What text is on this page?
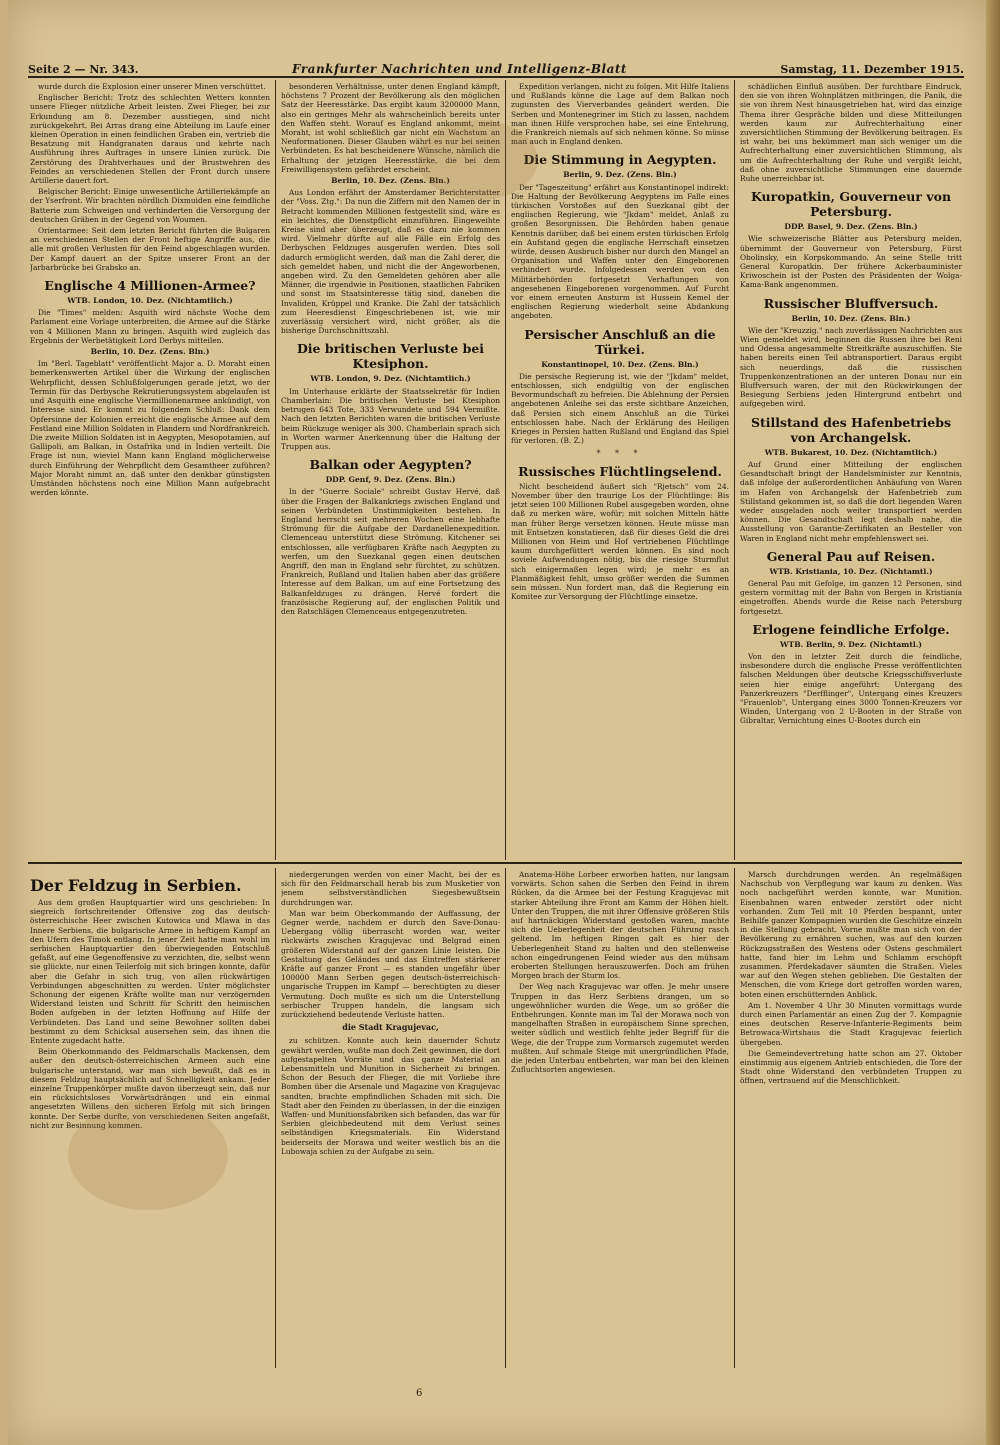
Seite 2 — Nr. 343.	Frankfurter Nachrichten und Intelligenz-Blatt	Samstag, 11. Dezember 1915.

wurde durch die Explosion einer unserer Minen verschüttet.

Englischer Bericht: Trotz des schlechten Wetters konnten unsere Flieger nützliche Arbeit leisten. Zwei Flieger, bei zur Erkundung am 8. Dezember ausstiegen, sind nicht zurückgekehrt. Bei Arras drang eine Abteilung im Laufe einer kleinen Operation in einen feindlichen Graben ein, vertrieb die Besatzung mit Handgranaten daraus und kehrte nach Ausführung ihres Auftrages in unsere Linien zurück. Die Zerstörung des Drahtverhaues und der Brustwehren des Feindes an verschiedenen Stellen der Front durch unsere Artillerie dauert fort.

Belgischer Bericht: Einige unwesentliche Artilleriekämpfe an der Yserfront. Wir brachten nördlich Dixmuiden eine feindliche Batterie zum Schweigen und verhinderten die Versorgung der deutschen Gräben in der Gegend von Woumen.

Orientarmee: Seit dem letzten Bericht führten die Bulgaren an verschiedenen Stellen der Front heftige Angriffe aus, die alle mit großen Verlusten für den Feind abgeschlagen wurden. Der Kampf dauert an der Spitze unserer Front an der Jarbarbrücke bei Grabsko an.

Englische 4 Millionen-Armee?
WTB. London, 10. Dez. (Nichtamtlich.)

Die "Times" melden: Asquith wird nächste Woche dem Parlament eine Vorlage unterbreiten, die Armee auf die Stärke von 4 Millionen Mann zu bringen. Asquith wird zugleich das Ergebnis der Werbetätigkeit Lord Derbys mitteilen.

Berlin, 10. Dez. (Zens. Bln.)

Im "Berl. Tageblatt" veröffentlicht Major a. D. Moraht einen bemerkenswerten Artikel über die Wirkung der englischen Wehrpflicht, dessen Schlußfolgerungen gerade jetzt, wo der Termin für das Derbysche Rekrutierungssystem abgelaufen ist und Asquith eine englische Viermillionenarmee ankündigt, von Interesse sind. Er kommt zu folgendem Schluß: Dank dem Opfersinne der Kolonien erreicht die englische Armee auf dem Festland eine Million Soldaten in Flandern und Nordfrankreich. Die zweite Million Soldaten ist in Aegypten, Mesopotamien, auf Gallipoli, am Balkan, in Ostafrika und in Indien verteilt. Die Frage ist nun, wieviel Mann kann England möglicherweise durch Einführung der Wehrpflicht dem Gesamtheer zuführen? Major Moraht nimmt an, daß unter den denkbar günstigsten Umständen höchstens noch eine Million Mann aufgebracht werden könnte.

besonderen Verhältnisse, unter denen England kämpft, höchstens 7 Prozent der Bevölkerung als den möglichen Satz der Heeresstärke. Das ergibt kaum 3200000 Mann, also ein geringes Mehr als wahrscheinlich bereits unter den Waffen steht. Worauf es England ankommt, meint Moraht, ist wohl schließlich gar nicht ein Wachstum an Neuformationen. Dieser Glauben währt es nur bei seinen Verbündeten. Es hat bescheidenere Wünsche, nämlich die Erhaltung der jetzigen Heeresstärke, die bei dem Freiwilligensystem gefährdet erscheint.

Berlin, 10. Dez. (Zens. Bln.)

Aus London erfährt der Amsterdamer Berichterstatter der "Voss. Ztg.": Da nun die Ziffern mit den Namen der in Betracht kommenden Millionen festgestellt sind, wäre es ein leichtes, die Dienstpflicht einzuführen. Eingeweihte Kreise sind aber überzeugt, daß es dazu nie kommen wird. Vielmehr dürfte auf alle Fälle ein Erfolg des Derbyschen Feldzuges ausgerufen werden. Dies soll dadurch ermöglicht werden, daß man die Zahl derer, die sich gemeldet haben, und nicht die der Angeworbenen, angeben wird. Zu den Gemeldeten gehören aber alle Männer, die irgendwie in Positionen, staatlichen Fabriken und sonst im Staatsinteresse tätig sind, daneben die Invaliden, Krüppel und Kranke. Die Zahl der tatsächlich zum Heeresdienst Eingeschriebenen ist, wie mir zuverlässig versichert wird, nicht größer, als die bisherige Durchschnittszahl.

Die britischen Verluste bei Ktesiphon.
WTB. London, 9. Dez. (Nichtamtlich.)

Im Unterhause erklärte der Staatssekretär für Indien Chamberlain: Die britischen Verluste bei Ktesiphon betrugen 643 Tote, 333 Verwundete und 594 Vermißte. Nach den letzten Berichten waren die britischen Verluste beim Rückzuge weniger als 300. Chamberlain sprach sich in Worten warmer Anerkennung über die Haltung der Truppen aus.

Balkan oder Aegypten?
DDP. Genf, 9. Dez. (Zens. Bln.)

In der "Guerre Sociale" schreibt Gustav Hervé, daß über die Fragen der Balkankriegs zwischen England und seinen Verbündeten Unstimmigkeiten bestehen. In England herrscht seit mehreren Wochen eine lebhafte Strömung für die Aufgabe der Dardanellenexpedition. Clemenceau unterstützt diese Strömung. Kitchener sei entschlossen, alle verfügbaren Kräfte nach Aegypten zu werfen, um den Suezkanal gegen einen deutschen Angriff, den man in England sehr fürchtet, zu schützen. Frankreich, Rußland und Italien haben aber das größere Interesse auf dem Balkan, um auf eine Fortsetzung des Balkanfeldzuges zu drängen. Hervé fordert die französische Regierung auf, der englischen Politik und den Ratschlägen Clemenceaus entgegenzutreten.

Expedition verlangen, nicht zu folgen. Mit Hilfe Italiens und Rußlands könne die Lage auf dem Balkan noch zugunsten des Vierverbandes geändert werden. Die Serben und Montenegriner im Stich zu lassen, nachdem man ihnen Hilfe versprochen habe, sei eine Entehrung, die Frankreich niemals auf sich nehmen könne. So müsse man auch in England denken.

Die Stimmung in Aegypten.
Berlin, 9. Dez. (Zens. Bln.)

Der "Tageszeitung" erfährt aus Konstantinopel indirekt: Die Haltung der Bevölkerung Aegyptens im Falle eines türkischen Vorstoßes auf den Suezkanal gibt der englischen Regierung, wie "Jkdam" meldet, Anlaß zu großen Besorgnissen. Die Behörden haben genaue Kenntnis darüber, daß bei einem ersten türkischen Erfolg ein Aufstand gegen die englische Herrschaft einsetzen würde, dessen Ausbruch bisher nur durch den Mangel an Organisation und Waffen unter den Eingeborenen verhindert wurde. Infolgedessen werden von den Militärbehörden fortgesetzt Verhaftungen von angesehenen Eingeborenen vorgenommen. Auf Furcht vor einem erneuten Ansturm ist Hussein Kemel der englischen Regierung wiederholt seine Abdankung angeboten.

Persischer Anschluß an die Türkei.
Konstantinopel, 10. Dez. (Zens. Bln.)

Die persische Regierung ist, wie der "Jkdam" meldet, entschlossen, sich endgültig von der englischen Bevormundschaft zu befreien. Die Ablehnung der Persien angebotenen Anleihe sei das erste sichtbare Anzeichen, daß Persien sich einem Anschluß an die Türkei entschlossen habe. Nach der Erklärung des Heiligen Krieges in Persien hatten Rußland und England das Spiel für verloren. (B. Z.)

* * *
Russisches Flüchtlingselend.

Nicht bescheidend äußert sich "Rjetsch" vom 24. November über den traurige Los der Flüchtlinge: Bis jetzt seien 100 Millionen Rubel ausgegeben worden, ohne daß zu merken wäre, wofür; mit solchen Mitteln hätte man früher Berge versetzen können. Heute müsse man mit Entsetzen konstatieren, daß für dieses Geld die drei Millionen von Heim und Hof vertriebenen Flüchtlinge kaum durchgefüttert werden können. Es sind noch soviele Aufwendungen nötig, bis die riesige Sturmflut sich einigermaßen legen wird; je mehr es an Planmäßigkeit fehlt, umso größer werden die Summen sein müssen. Nun fordert man, daß die Regierung ein Komitee zur Versorgung der Flüchtlinge einsetze.

schädlichen Einfluß ausüben. Der furchtbare Eindruck, den sie von ihren Wohnplätzen mitbringen, die Panik, die sie von ihrem Nest hinausgetrieben hat, wird das einzige Thema ihrer Gespräche bilden und diese Mitteilungen werden kaum zur Aufrechterhaltung einer zuversichtlichen Stimmung der Bevölkerung beitragen. Es ist wahr, bei uns bekümmert man sich weniger um die Aufrechterhaltung einer zuversichtlichen Stimmung, als um die Aufrechterhaltung der Ruhe und vergißt leicht, daß ohne zuversichtliche Stimmungen eine dauernde Ruhe unerreichbar ist.

Kuropatkin, Gouverneur von Petersburg.
DDP. Basel, 9. Dez. (Zens. Bln.)

Wie schweizerische Blätter aus Petersburg melden, übernimmt der Gouverneur von Petersburg, Fürst Obolinsky, ein Korpskommando. An seine Stelle tritt General Kuropatkin. Der frühere Ackerbauminister Kriwoschein ist der Posten des Präsidenten der Wolga-Kama-Bank angenommen.

Russischer Bluffversuch.
Berlin, 10. Dez. (Zens. Bln.)

Wie der "Kreuzzig." nach zuverlässigen Nachrichten aus Wien gemeldet wird, beginnen die Russen ihre bei Reni und Odessa angesammelte Streitkräfte auszuschiffen. Sie haben bereits einen Teil abtransportiert. Daraus ergibt sich neuerdings, daß die russischen Truppenkonzentrationen an der unteren Donau nur ein Bluffversuch waren, der mit den Rückwirkungen der Besiegung Serbiens jeden Hintergrund entbehrt und aufgegeben wird.

Stillstand des Hafenbetriebs von Archangelsk.
WTB. Bukarest, 10. Dez. (Nichtamtlich.)

Auf Grund einer Mitteilung der englischen Gesandtschaft bringt der Handelsminister zur Kenntnis, daß infolge der außerordentlichen Anhäufung von Waren im Hafen von Archangelsk der Hafenbetrieb zum Stillstand gekommen ist, so daß die dort liegenden Waren weder ausgeladen noch weiter transportiert werden können. Die Gesandtschaft legt deshalb nahe, die Ausstellung von Garantie-Zertifikaten an Besteller von Waren in England nicht mehr empfehlenswert sei.

General Pau auf Reisen.
WTB. Kristiania, 10. Dez. (Nichtamtl.)

General Pau mit Gefolge, im ganzen 12 Personen, sind gestern vormittag mit der Bahn von Bergen in Kristiania eingetroffen. Abends wurde die Reise nach Petersburg fortgesetzt.

Erlogene feindliche Erfolge.
WTB. Berlin, 9. Dez. (Nichtamtl.)

Von den in letzter Zeit durch die feindliche, insbesondere durch die englische Presse veröffentlichten falschen Meldungen über deutsche Kriegsschiffsverluste seien hier einige angeführt: Untergang des Panzerkreuzers "Derfflinger", Untergang eines Kreuzers "Frauenlob", Untergang eines 3000 Tonnen-Kreuzers vor Winden, Untergang von 2 U-Booten in der Straße von Gibraltar, Vernichtung eines U-Bootes durch ein

Der Feldzug in Serbien.

Aus dem großen Hauptquartier wird uns geschrieben: In siegreich fortschreitender Offensive zog das deutsch-österreichische Heer zwischen Kutowica und Mlawa in das Innere Serbiens, die bulgarische Armee in heftigem Kampf an den Ufern des Timok entlang. In jener Zeit hatte man wohl im serbischen Hauptquartier den überwiegenden Entschluß gefaßt, auf eine Gegenoffensive zu verzichten, die, selbst wenn sie glückte, nur einen Teilerfolg mit sich bringen konnte, dafür aber die Gefahr in sich trug, von allen rückwärtigen Verbindungen abgeschnitten zu werden. Unter möglichster Schonung der eigenen Kräfte wollte man nur verzögernden Widerstand leisten und Schritt für Schritt den heimischen Boden aufgeben in der letzten Hoffnung auf Hilfe der Verbündeten. Das Land und seine Bewohner sollten dabei bestimmt zu dem Schicksal ausersehen sein, das ihnen die Entente zugedacht hatte.

Beim Oberkommando des Feldmarschalls Mackensen, dem außer den deutsch-österreichischen Armeen auch eine bulgarische unterstand, war man sich bewußt, daß es in diesem Feldzug hauptsächlich auf Schnelligkeit ankam. Jeder einzelne Truppenkörper mußte davon überzeugt sein, daß nur ein rücksichtsloses Vorwärtsdrängen und ein einmal angesetzten Willens den sicheren Erfolg mit sich bringen konnte. Der Serbe durfte, von verschiedenen Seiten angefaßt, nicht zur Besinnung kommen.

niedergerungen werden von einer Macht, bei der es sich für den Feldmarschall herab bis zum Musketier von jenem selbstverständlichen Siegesbewußtsein durchdrungen war.

Man war beim Oberkommando der Auffassung, der Gegner werde, nachdem er durch den Save-Donau-Uebergang völlig überrascht worden war, weiter rückwärts zwischen Kragujevac und Belgrad einen größeren Widerstand auf der ganzen Linie leisten. Die Gestaltung des Geländes und das Eintreffen stärkerer Kräfte auf ganzer Front — es standen ungefähr über 100000 Mann Serben gegen deutsch-österreichisch-ungarische Truppen im Kampf — berechtigten zu dieser Vermutung. Doch mußte es sich um die Unterstellung serbischer Truppen handeln, die langsam sich zurückziehend bedeutende Verluste hatten.

die Stadt Kragujevac,

zu schützen. Konnte auch kein dauernder Schutz gewährt werden, wußte man doch Zeit gewinnen, die dort aufgestapelten Vorräte und das ganze Material an Lebensmitteln und Munition in Sicherheit zu bringen. Schon der Besuch der Flieger, die mit Vorliebe ihre Bomben über die Arsenale und Magazine von Kragujevac sandten, brachte empfindlichen Schaden mit sich. Die Stadt aber den Feinden zu überlassen, in der die einzigen Waffen- und Munitionsfabriken sich befanden, das war für Serbien gleichbedeutend mit dem Verlust seines selbständigen Kriegsmaterials. Ein Widerstand beiderseits der Morawa und weiter westlich bis an die Lubowaja schien zu der Aufgabe zu sein.

Anatema-Höhe Lorbeer erworben hatten, nur langsam vorwärts. Schon sahen die Serben den Feind in ihrem Rücken, da die Armee bei der Festung Kragujevac mit starker Abteilung ihre Front am Kamm der Höhen hielt. Unter den Truppen, die mit ihrer Offensive größeren Stils auf hartnäckigen Widerstand gestoßen waren, machte sich die Ueberlegenheit der deutschen Führung rasch geltend. Im heftigen Ringen galt es hier der Ueberlegenheit Stand zu halten und den stellenweise schon eingedrungenen Feind wieder aus den mühsam eroberten Stellungen herauszuwerfen. Doch am frühen Morgen brach der Sturm los.

Der Weg nach Kragujevac war offen. Je mehr unsere Truppen in das Herz Serbiens drangen, um so ungewöhnlicher wurden die Wege, um so größer die Entbehrungen. Konnte man im Tal der Morawa noch von mangelhaften Straßen in europäischem Sinne sprechen, weiter südlich und westlich fehlte jeder Begriff für die Wege, die der Truppe zum Vormarsch zugemutet werden mußten. Auf schmale Steige mit unergründlichen Pfade, die jeden Unterbau entbehrten, war man bei den kleinen Zufluchtsorten angewiesen.

Marsch durchdrungen werden. An regelmäßigen Nachschub von Verpflegung war kaum zu denken. Was noch nachgeführt werden konnte, war Munition. Eisenbahnen waren entweder zerstört oder nicht vorhanden. Zum Teil mit 10 Pferden bespannt, unter Beihilfe ganzer Kompagnien wurden die Geschütze einzeln in die Stellung gebracht. Vorne mußte man sich von der Bevölkerung zu ernähren suchen, was auf den kurzen Rückzugsstraßen des Westens oder Ostens geschmälert hatte, fand hier im Lehm und Schlamm erschöpft zusammen. Pferdekadaver säumten die Straßen. Vieles war auf den Wegen stehen geblieben. Die Gestalten der Menschen, die vom Kriege dort getroffen worden waren, boten einen erschütternden Anblick.

Am 1. November 4 Uhr 30 Minuten vormittags wurde durch einen Parlamentär an einen Zug der 7. Kompagnie eines deutschen Reserve-Infanterie-Regiments beim Betrowaca-Wirtshaus die Stadt Kragujevac feierlich übergeben.

Die Gemeindevertretung hatte schon am 27. Oktober einstimmig aus eigenem Antrieb entschieden, die Tore der Stadt ohne Widerstand den verbündeten Truppen zu öffnen, vertrauend auf die Menschlichkeit.

6
